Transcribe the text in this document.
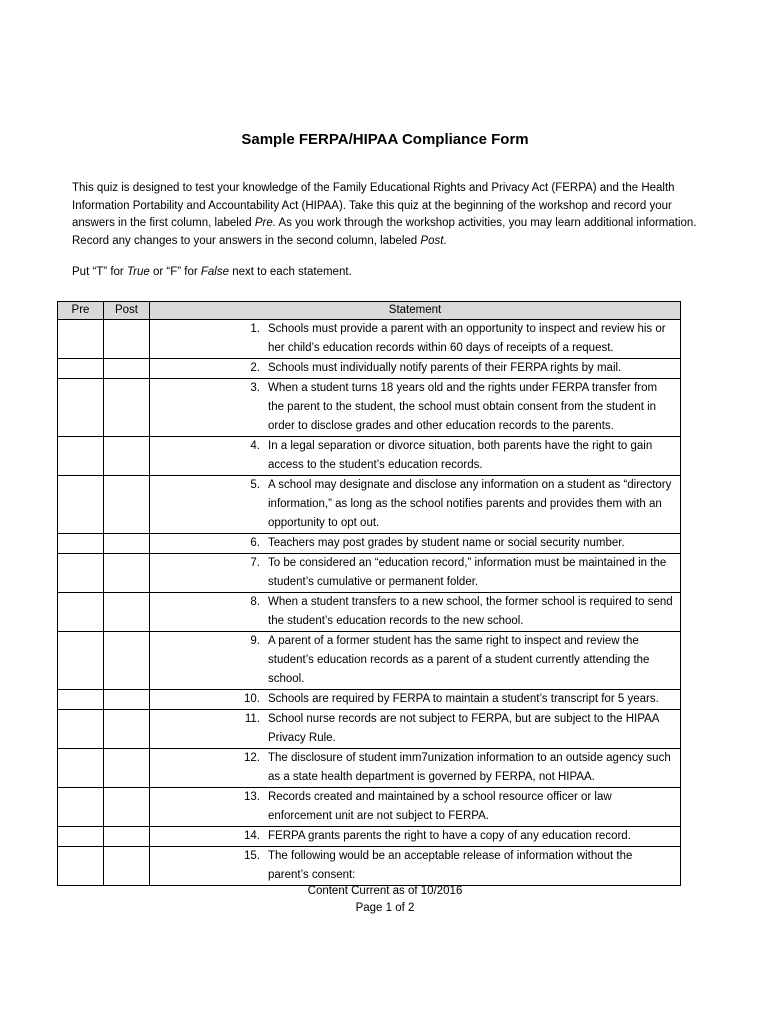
Sample FERPA/HIPAA Compliance Form

This quiz is designed to test your knowledge of the Family Educational Rights and Privacy Act (FERPA) and the Health Information Portability and Accountability Act (HIPAA). Take this quiz at the beginning of the workshop and record your answers in the first column, labeled Pre. As you work through the workshop activities, you may learn additional information. Record any changes to your answers in the second column, labeled Post.

Put “T” for True or “F” for False next to each statement.

Pre	Post	Statement

		1. Schools must provide a parent with an opportunity to inspect and review his or her child’s education records within 60 days of receipts of a request.

		2. Schools must individually notify parents of their FERPA rights by mail.

		3. When a student turns 18 years old and the rights under FERPA transfer from the parent to the student, the school must obtain consent from the student in order to disclose grades and other education records to the parents.

		4. In a legal separation or divorce situation, both parents have the right to gain access to the student’s education records.

		5. A school may designate and disclose any information on a student as “directory information,” as long as the school notifies parents and provides them with an opportunity to opt out.

		6. Teachers may post grades by student name or social security number.

		7. To be considered an “education record,” information must be maintained in the student’s cumulative or permanent folder.

		8. When a student transfers to a new school, the former school is required to send the student’s education records to the new school.

		9. A parent of a former student has the same right to inspect and review the student’s education records as a parent of a student currently attending the school.

		10. Schools are required by FERPA to maintain a student’s transcript for 5 years.

		11. School nurse records are not subject to FERPA, but are subject to the HIPAA Privacy Rule.

		12. The disclosure of student imm7unization information to an outside agency such as a state health department is governed by FERPA, not HIPAA.

		13. Records created and maintained by a school resource officer or law enforcement unit are not subject to FERPA.

		14. FERPA grants parents the right to have a copy of any education record.

		15. The following would be an acceptable release of information without the parent’s consent:
Content Current as of 10/2016
Page 1 of 2
